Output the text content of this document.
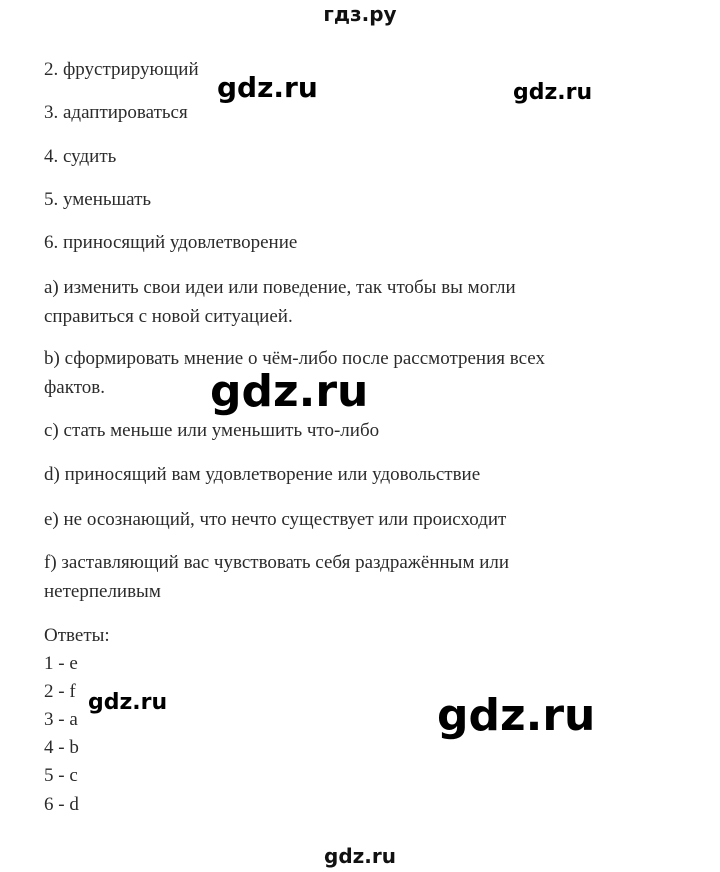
гдз.ру
2. фрустрирующий
3. адаптироваться
4. судить
5. уменьшать
6. приносящий удовлетворение
a) изменить свои идеи или поведение, так чтобы вы могли
справиться с новой ситуацией.
b) сформировать мнение о чём-либо после рассмотрения всех
фактов.
c) стать меньше или уменьшить что-либо
d) приносящий вам удовлетворение или удовольствие
e) не осознающий, что нечто существует или происходит
f) заставляющий вас чувствовать себя раздражённым или
нетерпеливым
Ответы:
1 - e
2 - f
3 - a
4 - b
5 - c
6 - d
gdz.ru	gdz.ru
gdz.ru
gdz.ru	gdz.ru
gdz.ru
